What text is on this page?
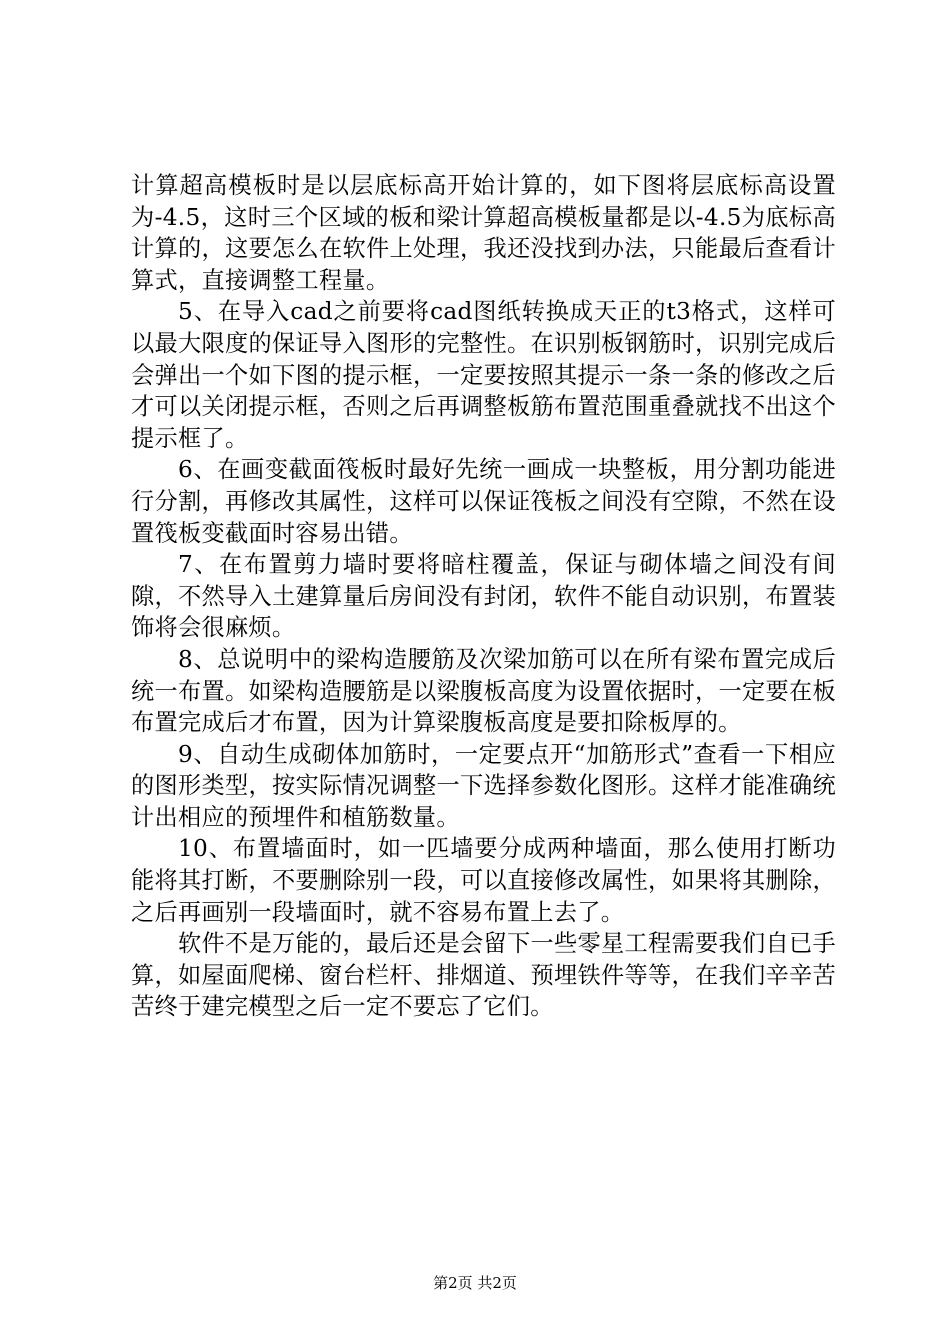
计算超高模板时是以层底标高开始计算的，如下图将层底标高设置为-4.5，这时三个区域的板和梁计算超高模板量都是以-4.5为底标高计算的，这要怎么在软件上处理，我还没找到办法，只能最后查看计算式，直接调整工程量。

5、在导入cad之前要将cad图纸转换成天正的t3格式，这样可以最大限度的保证导入图形的完整性。在识别板钢筋时，识别完成后会弹出一个如下图的提示框，一定要按照其提示一条一条的修改之后才可以关闭提示框，否则之后再调整板筋布置范围重叠就找不出这个提示框了。

6、在画变截面筏板时最好先统一画成一块整板，用分割功能进行分割，再修改其属性，这样可以保证筏板之间没有空隙，不然在设置筏板变截面时容易出错。

7、在布置剪力墙时要将暗柱覆盖，保证与砌体墙之间没有间隙，不然导入土建算量后房间没有封闭，软件不能自动识别，布置装饰将会很麻烦。

8、总说明中的梁构造腰筋及次梁加筋可以在所有梁布置完成后统一布置。如梁构造腰筋是以梁腹板高度为设置依据时，一定要在板布置完成后才布置，因为计算梁腹板高度是要扣除板厚的。

9、自动生成砌体加筋时，一定要点开“加筋形式”查看一下相应的图形类型，按实际情况调整一下选择参数化图形。这样才能准确统计出相应的预埋件和植筋数量。

10、布置墙面时，如一匹墙要分成两种墙面，那么使用打断功能将其打断，不要删除别一段，可以直接修改属性，如果将其删除，之后再画别一段墙面时，就不容易布置上去了。

软件不是万能的，最后还是会留下一些零星工程需要我们自已手算，如屋面爬梯、窗台栏杆、排烟道、预埋铁件等等，在我们辛辛苦苦终于建完模型之后一定不要忘了它们。

第2页 共2页
